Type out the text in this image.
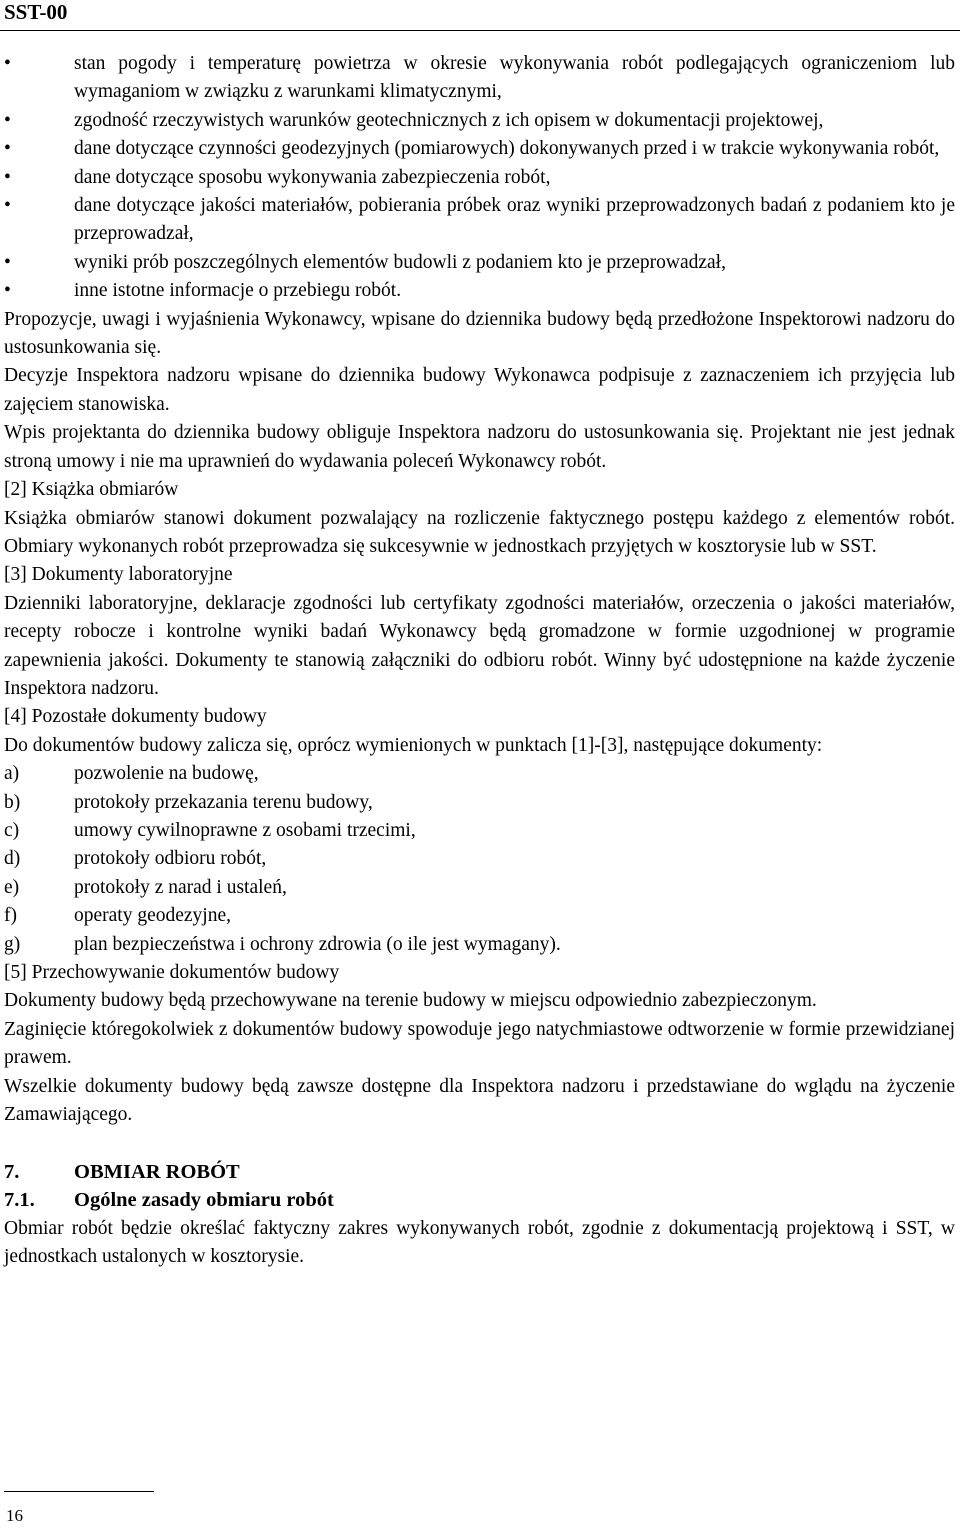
SST-00
•	stan pogody i temperaturę powietrza w okresie wykonywania robót podlegających ograniczeniom lub wymaganiom w związku z warunkami klimatycznymi,
•	zgodność rzeczywistych warunków geotechnicznych z ich opisem w dokumentacji projektowej,
•	dane dotyczące czynności geodezyjnych (pomiarowych) dokonywanych przed i w trakcie wykonywania robót,
•	dane dotyczące sposobu wykonywania zabezpieczenia robót,
•	dane dotyczące jakości materiałów, pobierania próbek oraz wyniki przeprowadzonych badań z podaniem kto je przeprowadzał,
•	wyniki prób poszczególnych elementów budowli z podaniem kto je przeprowadzał,
•	inne istotne informacje o przebiegu robót.
Propozycje, uwagi i wyjaśnienia Wykonawcy, wpisane do dziennika budowy będą przedłożone Inspektorowi nadzoru do ustosunkowania się.
Decyzje Inspektora nadzoru wpisane do dziennika budowy Wykonawca podpisuje z zaznaczeniem ich przyjęcia lub zajęciem stanowiska.
Wpis projektanta do dziennika budowy obliguje Inspektora nadzoru do ustosunkowania się. Projektant nie jest jednak stroną umowy i nie ma uprawnień do wydawania poleceń Wykonawcy robót.
[2] Książka obmiarów
Książka obmiarów stanowi dokument pozwalający na rozliczenie faktycznego postępu każdego z elementów robót. Obmiary wykonanych robót przeprowadza się sukcesywnie w jednostkach przyjętych w kosztorysie lub w SST.
[3] Dokumenty laboratoryjne
Dzienniki laboratoryjne, deklaracje zgodności lub certyfikaty zgodności materiałów, orzeczenia o jakości materiałów, recepty robocze i kontrolne wyniki badań Wykonawcy będą gromadzone w formie uzgodnionej w programie zapewnienia jakości. Dokumenty te stanowią załączniki do odbioru robót. Winny być udostępnione na każde życzenie Inspektora nadzoru.
[4] Pozostałe dokumenty budowy
Do dokumentów budowy zalicza się, oprócz wymienionych w punktach [1]-[3], następujące dokumenty:
a)	pozwolenie na budowę,
b)	protokoły przekazania terenu budowy,
c)	umowy cywilnoprawne z osobami trzecimi,
d)	protokoły odbioru robót,
e)	protokoły z narad i ustaleń,
f)	operaty geodezyjne,
g)	plan bezpieczeństwa i ochrony zdrowia (o ile jest wymagany).
[5] Przechowywanie dokumentów budowy
Dokumenty budowy będą przechowywane na terenie budowy w miejscu odpowiednio zabezpieczonym.
Zaginięcie któregokolwiek z dokumentów budowy spowoduje jego natychmiastowe odtworzenie w formie przewidzianej prawem.
Wszelkie dokumenty budowy będą zawsze dostępne dla Inspektora nadzoru i przedstawiane do wglądu na życzenie Zamawiającego.
7.	OBMIAR ROBÓT
7.1.	Ogólne zasady obmiaru robót
Obmiar robót będzie określać faktyczny zakres wykonywanych robót, zgodnie z dokumentacją projektową i SST, w jednostkach ustalonych w kosztorysie.
16
